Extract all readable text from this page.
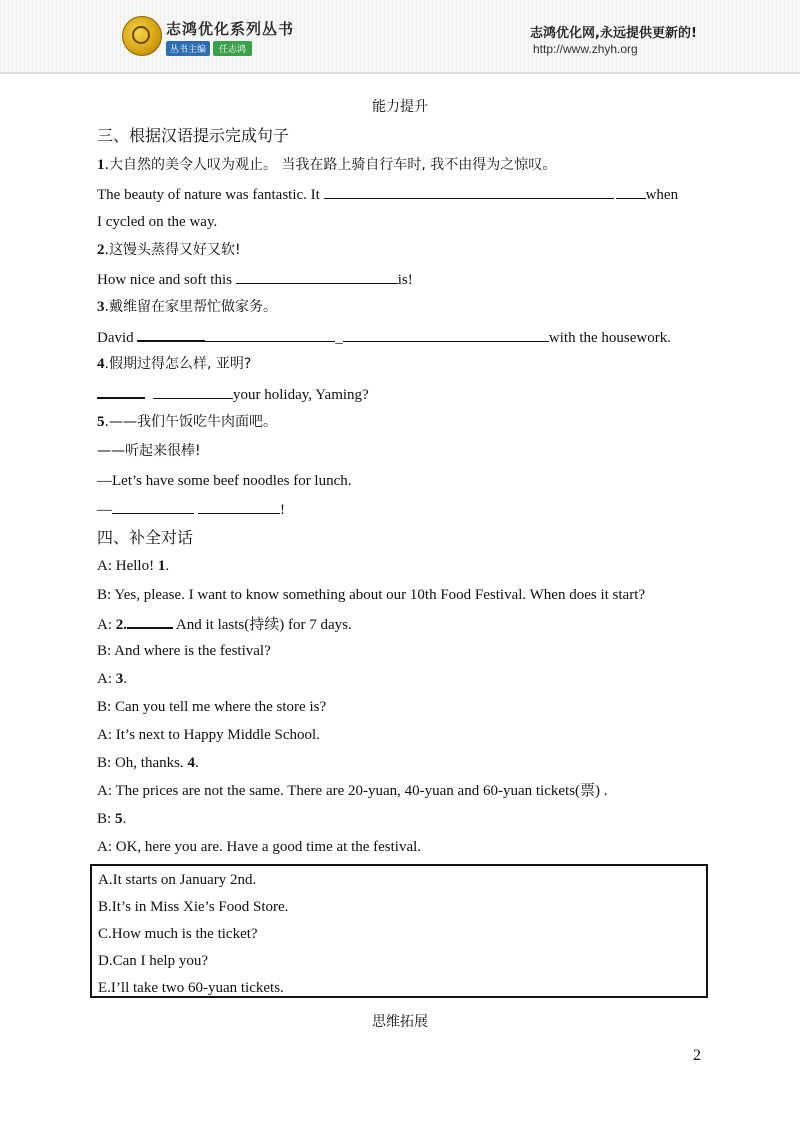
志鸿优化系列丛书
丛书主编	任志鸿
志鸿优化网,永远提供更新的!
http://www.zhyh.org
能力提升
三、根据汉语提示完成句子
1.大自然的美令人叹为观止。 当我在路上骑自行车时, 我不由得为之惊叹。
The beauty of nature was fantastic. It	when
I cycled on the way.
2.这馒头蒸得又好又软!
How nice and soft this	is!
3.戴维留在家里帮忙做家务。
David	_	with the housework.
4.假期过得怎么样, 亚明?
your holiday, Yaming?
5.——我们午饭吃牛肉面吧。
——听起来很棒!
—Let’s have some beef noodles for lunch.
—	!
四、补全对话
A: Hello! 1.
B: Yes, please. I want to know something about our 10th Food Festival. When does it start?
A: 2.	And it lasts(持续) for 7 days.
B: And where is the festival?
A: 3.
B: Can you tell me where the store is?
A: It’s next to Happy Middle School.
B: Oh, thanks. 4.
A: The prices are not the same. There are 20-yuan, 40-yuan and 60-yuan tickets(票) .
B: 5.
A: OK, here you are. Have a good time at the festival.
A.It starts on January 2nd.
B.It’s in Miss Xie’s Food Store.
C.How much is the ticket?
D.Can I help you?
E.I’ll take two 60-yuan tickets.
思维拓展
2
